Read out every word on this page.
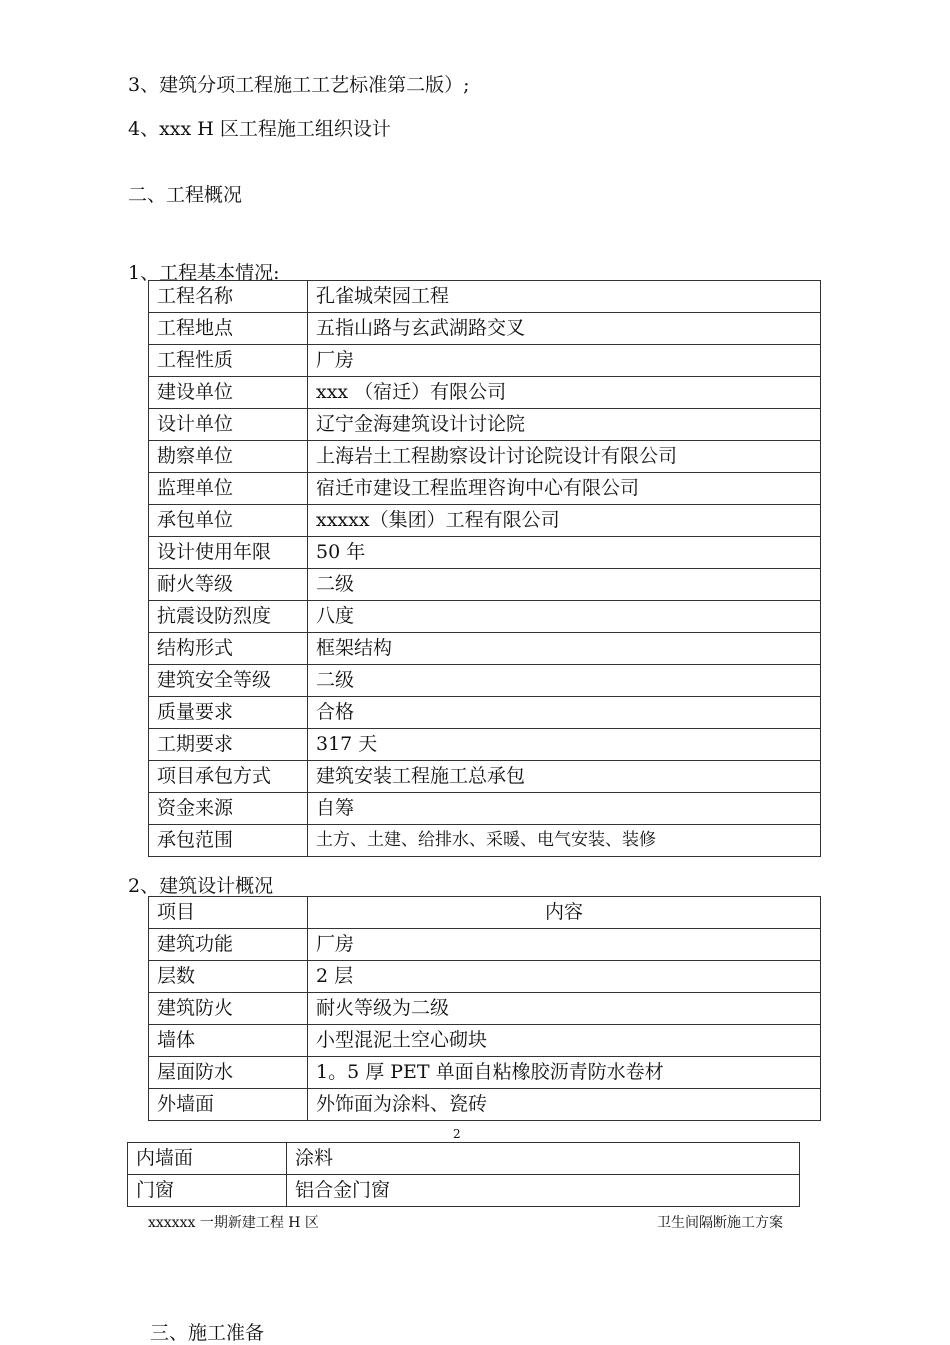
3、建筑分项工程施工工艺标准第二版）;
4、xxx H 区工程施工组织设计
二、工程概况
1、工程基本情况:
工程名称	孔雀城荣园工程
工程地点	五指山路与玄武湖路交叉
工程性质	厂房
建设单位	xxx （宿迁）有限公司
设计单位	辽宁金海建筑设计讨论院
勘察单位	上海岩土工程勘察设计讨论院设计有限公司
监理单位	宿迁市建设工程监理咨询中心有限公司
承包单位	xxxxx（集团）工程有限公司
设计使用年限	50 年
耐火等级	二级
抗震设防烈度	八度
结构形式	框架结构
建筑安全等级	二级
质量要求	合格
工期要求	317 天
项目承包方式	建筑安装工程施工总承包
资金来源	自筹
承包范围	土方、土建、给排水、采暖、电气安装、装修
2、建筑设计概况
项目	内容
建筑功能	厂房
层数	2 层
建筑防火	耐火等级为二级
墙体	小型混泥土空心砌块
屋面防水	1。5 厚 PET 单面自粘橡胶沥青防水卷材
外墙面	外饰面为涂料、瓷砖
2
内墙面	涂料
门窗	铝合金门窗
xxxxxx 一期新建工程 H 区	卫生间隔断施工方案
三、施工准备
